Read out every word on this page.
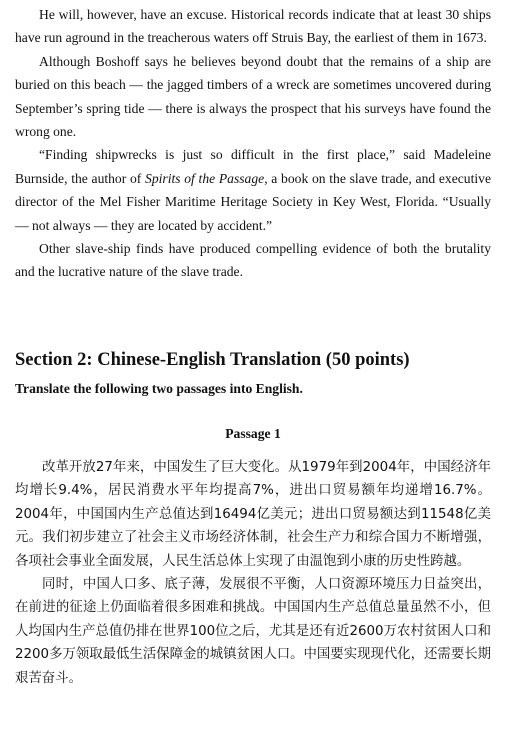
He will, however, have an excuse. Historical records indicate that at least 30 ships have run aground in the treacherous waters off Struis Bay, the earliest of them in 1673.

Although Boshoff says he believes beyond doubt that the remains of a ship are buried on this beach — the jagged timbers of a wreck are sometimes uncovered during September’s spring tide — there is always the prospect that his surveys have found the wrong one.

“Finding shipwrecks is just so difficult in the first place,” said Madeleine Burnside, the author of Spirits of the Passage, a book on the slave trade, and executive director of the Mel Fisher Maritime Heritage Society in Key West, Florida. “Usually — not always — they are located by accident.”

Other slave-ship finds have produced compelling evidence of both the brutality and the lucrative nature of the slave trade.

Section 2: Chinese-English Translation (50 points)

Translate the following two passages into English.

Passage 1

改革开放27年来，中国发生了巨大变化。从1979年到2004年，中国经济年均增长9.4%，居民消费水平年均提高7%，进出口贸易额年均递增16.7%。2004年，中国国内生产总值达到16494亿美元；进出口贸易额达到11548亿美元。我们初步建立了社会主义市场经济体制，社会生产力和综合国力不断增强，各项社会事业全面发展，人民生活总体上实现了由温饱到小康的历史性跨越。

同时，中国人口多、底子薄，发展很不平衡，人口资源环境压力日益突出，在前进的征途上仍面临着很多困难和挑战。中国国内生产总值总量虽然不小，但人均国内生产总值仍排在世界100位之后，尤其是还有近2600万农村贫困人口和2200多万领取最低生活保障金的城镇贫困人口。中国要实现现代化，还需要长期艰苦奋斗。
